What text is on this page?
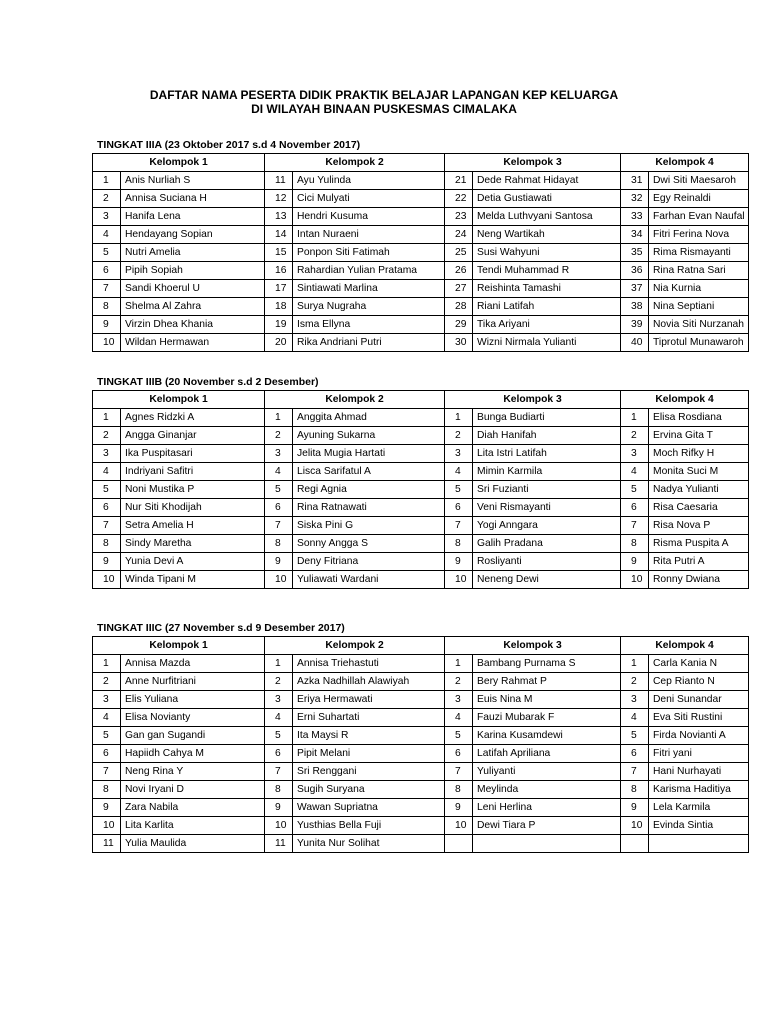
DAFTAR NAMA PESERTA DIDIK PRAKTIK BELAJAR LAPANGAN KEP KELUARGA
DI WILAYAH BINAAN PUSKESMAS CIMALAKA
TINGKAT IIIA (23 Oktober 2017 s.d 4 November 2017)
Kelompok 1		Kelompok 2		Kelompok 3		Kelompok 4	
1	Anis Nurliah S	11	Ayu Yulinda	21	Dede Rahmat Hidayat	31	Dwi Siti Maesaroh
2	Annisa Suciana H	12	Cici Mulyati	22	Detia Gustiawati	32	Egy Reinaldi
3	Hanifa Lena	13	Hendri Kusuma	23	Melda Luthvyani Santosa	33	Farhan Evan Naufal
4	Hendayang Sopian	14	Intan Nuraeni	24	Neng Wartikah	34	Fitri Ferina Nova
5	Nutri Amelia	15	Ponpon Siti Fatimah	25	Susi Wahyuni	35	Rima Rismayanti
6	Pipih Sopiah	16	Rahardian Yulian Pratama	26	Tendi Muhammad R	36	Rina Ratna Sari
7	Sandi Khoerul U	17	Sintiawati Marlina	27	Reishinta Tamashi	37	Nia Kurnia
8	Shelma Al Zahra	18	Surya Nugraha	28	Riani Latifah	38	Nina Septiani
9	Virzin Dhea Khania	19	Isma Ellyna	29	Tika Ariyani	39	Novia Siti Nurzanah
10	Wildan Hermawan	20	Rika Andriani Putri	30	Wizni Nirmala Yulianti	40	Tiprotul Munawaroh
TINGKAT IIIB (20 November s.d 2 Desember)
Kelompok 1		Kelompok 2		Kelompok 3		Kelompok 4	
1	Agnes Ridzki A	1	Anggita Ahmad	1	Bunga Budiarti	1	Elisa Rosdiana
2	Angga Ginanjar	2	Ayuning Sukarna	2	Diah Hanifah	2	Ervina Gita T
3	Ika Puspitasari	3	Jelita Mugia Hartati	3	Lita Istri Latifah	3	Moch Rifky H
4	Indriyani Safitri	4	Lisca Sarifatul A	4	Mimin Karmila	4	Monita Suci M
5	Noni Mustika P	5	Regi Agnia	5	Sri Fuzianti	5	Nadya Yulianti
6	Nur Siti Khodijah	6	Rina Ratnawati	6	Veni Rismayanti	6	Risa Caesaria
7	Setra Amelia H	7	Siska Pini G	7	Yogi Anngara	7	Risa Nova P
8	Sindy Maretha	8	Sonny Angga S	8	Galih Pradana	8	Risma Puspita A
9	Yunia Devi A	9	Deny Fitriana	9	Rosliyanti	9	Rita Putri A
10	Winda Tipani M	10	Yuliawati Wardani	10	Neneng Dewi	10	Ronny Dwiana
TINGKAT IIIC (27 November s.d 9 Desember 2017)
Kelompok 1		Kelompok 2		Kelompok 3		Kelompok 4	
1	Annisa Mazda	1	Annisa Triehastuti	1	Bambang Purnama S	1	Carla Kania N
2	Anne Nurfitriani	2	Azka Nadhillah Alawiyah	2	Bery Rahmat P	2	Cep Rianto N
3	Elis Yuliana	3	Eriya Hermawati	3	Euis Nina M	3	Deni Sunandar
4	Elisa Novianty	4	Erni Suhartati	4	Fauzi Mubarak F	4	Eva Siti Rustini
5	Gan gan Sugandi	5	Ita Maysi R	5	Karina Kusamdewi	5	Firda Novianti A
6	Hapiidh Cahya M	6	Pipit Melani	6	Latifah Apriliana	6	Fitri yani
7	Neng Rina Y	7	Sri Renggani	7	Yuliyanti	7	Hani Nurhayati
8	Novi Iryani D	8	Sugih Suryana	8	Meylinda	8	Karisma Haditiya
9	Zara Nabila	9	Wawan Supriatna	9	Leni Herlina	9	Lela Karmila
10	Lita Karlita	10	Yusthias Bella Fuji	10	Dewi Tiara P	10	Evinda Sintia
11	Yulia Maulida	11	Yunita Nur Solihat				
